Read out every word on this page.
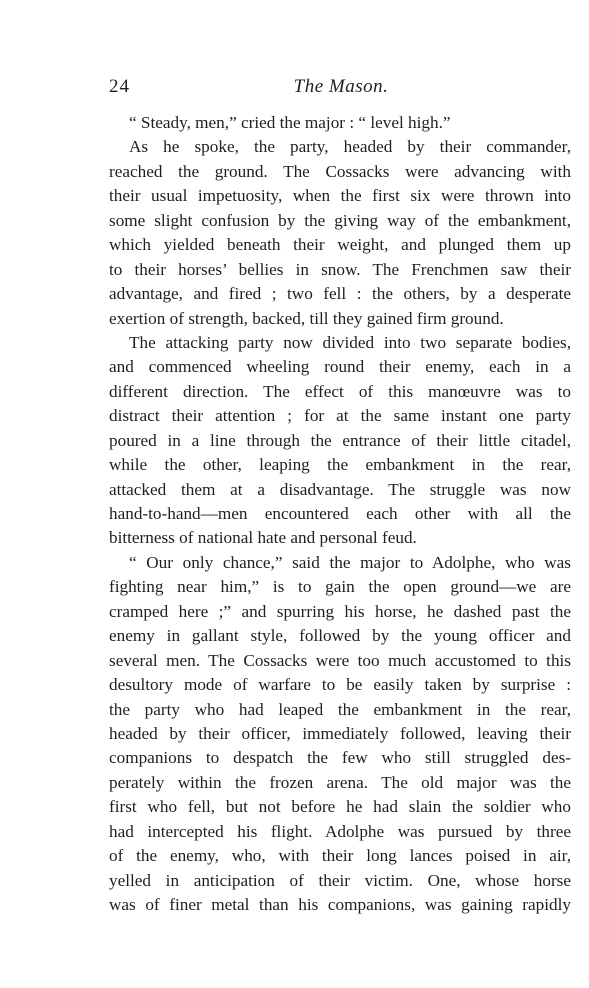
24	The Mason.
“ Steady, men,” cried the major : “ level high.”
As he spoke, the party, headed by their commander,
reached the ground. The Cossacks were advancing with
their usual impetuosity, when the first six were thrown into
some slight confusion by the giving way of the embankment,
which yielded beneath their weight, and plunged them up
to their horses’ bellies in snow. The Frenchmen saw their
advantage, and fired ; two fell : the others, by a desperate
exertion of strength, backed, till they gained firm ground.
The attacking party now divided into two separate bodies,
and commenced wheeling round their enemy, each in a
different direction. The effect of this manœuvre was to
distract their attention ; for at the same instant one party
poured in a line through the entrance of their little citadel,
while the other, leaping the embankment in the rear,
attacked them at a disadvantage. The struggle was now
hand-to-hand—men encountered each other with all the
bitterness of national hate and personal feud.
“ Our only chance,” said the major to Adolphe, who was
fighting near him,” is to gain the open ground—we are
cramped here ;” and spurring his horse, he dashed past the
enemy in gallant style, followed by the young officer and
several men. The Cossacks were too much accustomed to this
desultory mode of warfare to be easily taken by surprise :
the party who had leaped the embankment in the rear,
headed by their officer, immediately followed, leaving their
companions to despatch the few who still struggled des-
perately within the frozen arena. The old major was the
first who fell, but not before he had slain the soldier who
had intercepted his flight. Adolphe was pursued by three
of the enemy, who, with their long lances poised in air,
yelled in anticipation of their victim. One, whose horse
was of finer metal than his companions, was gaining rapidly
